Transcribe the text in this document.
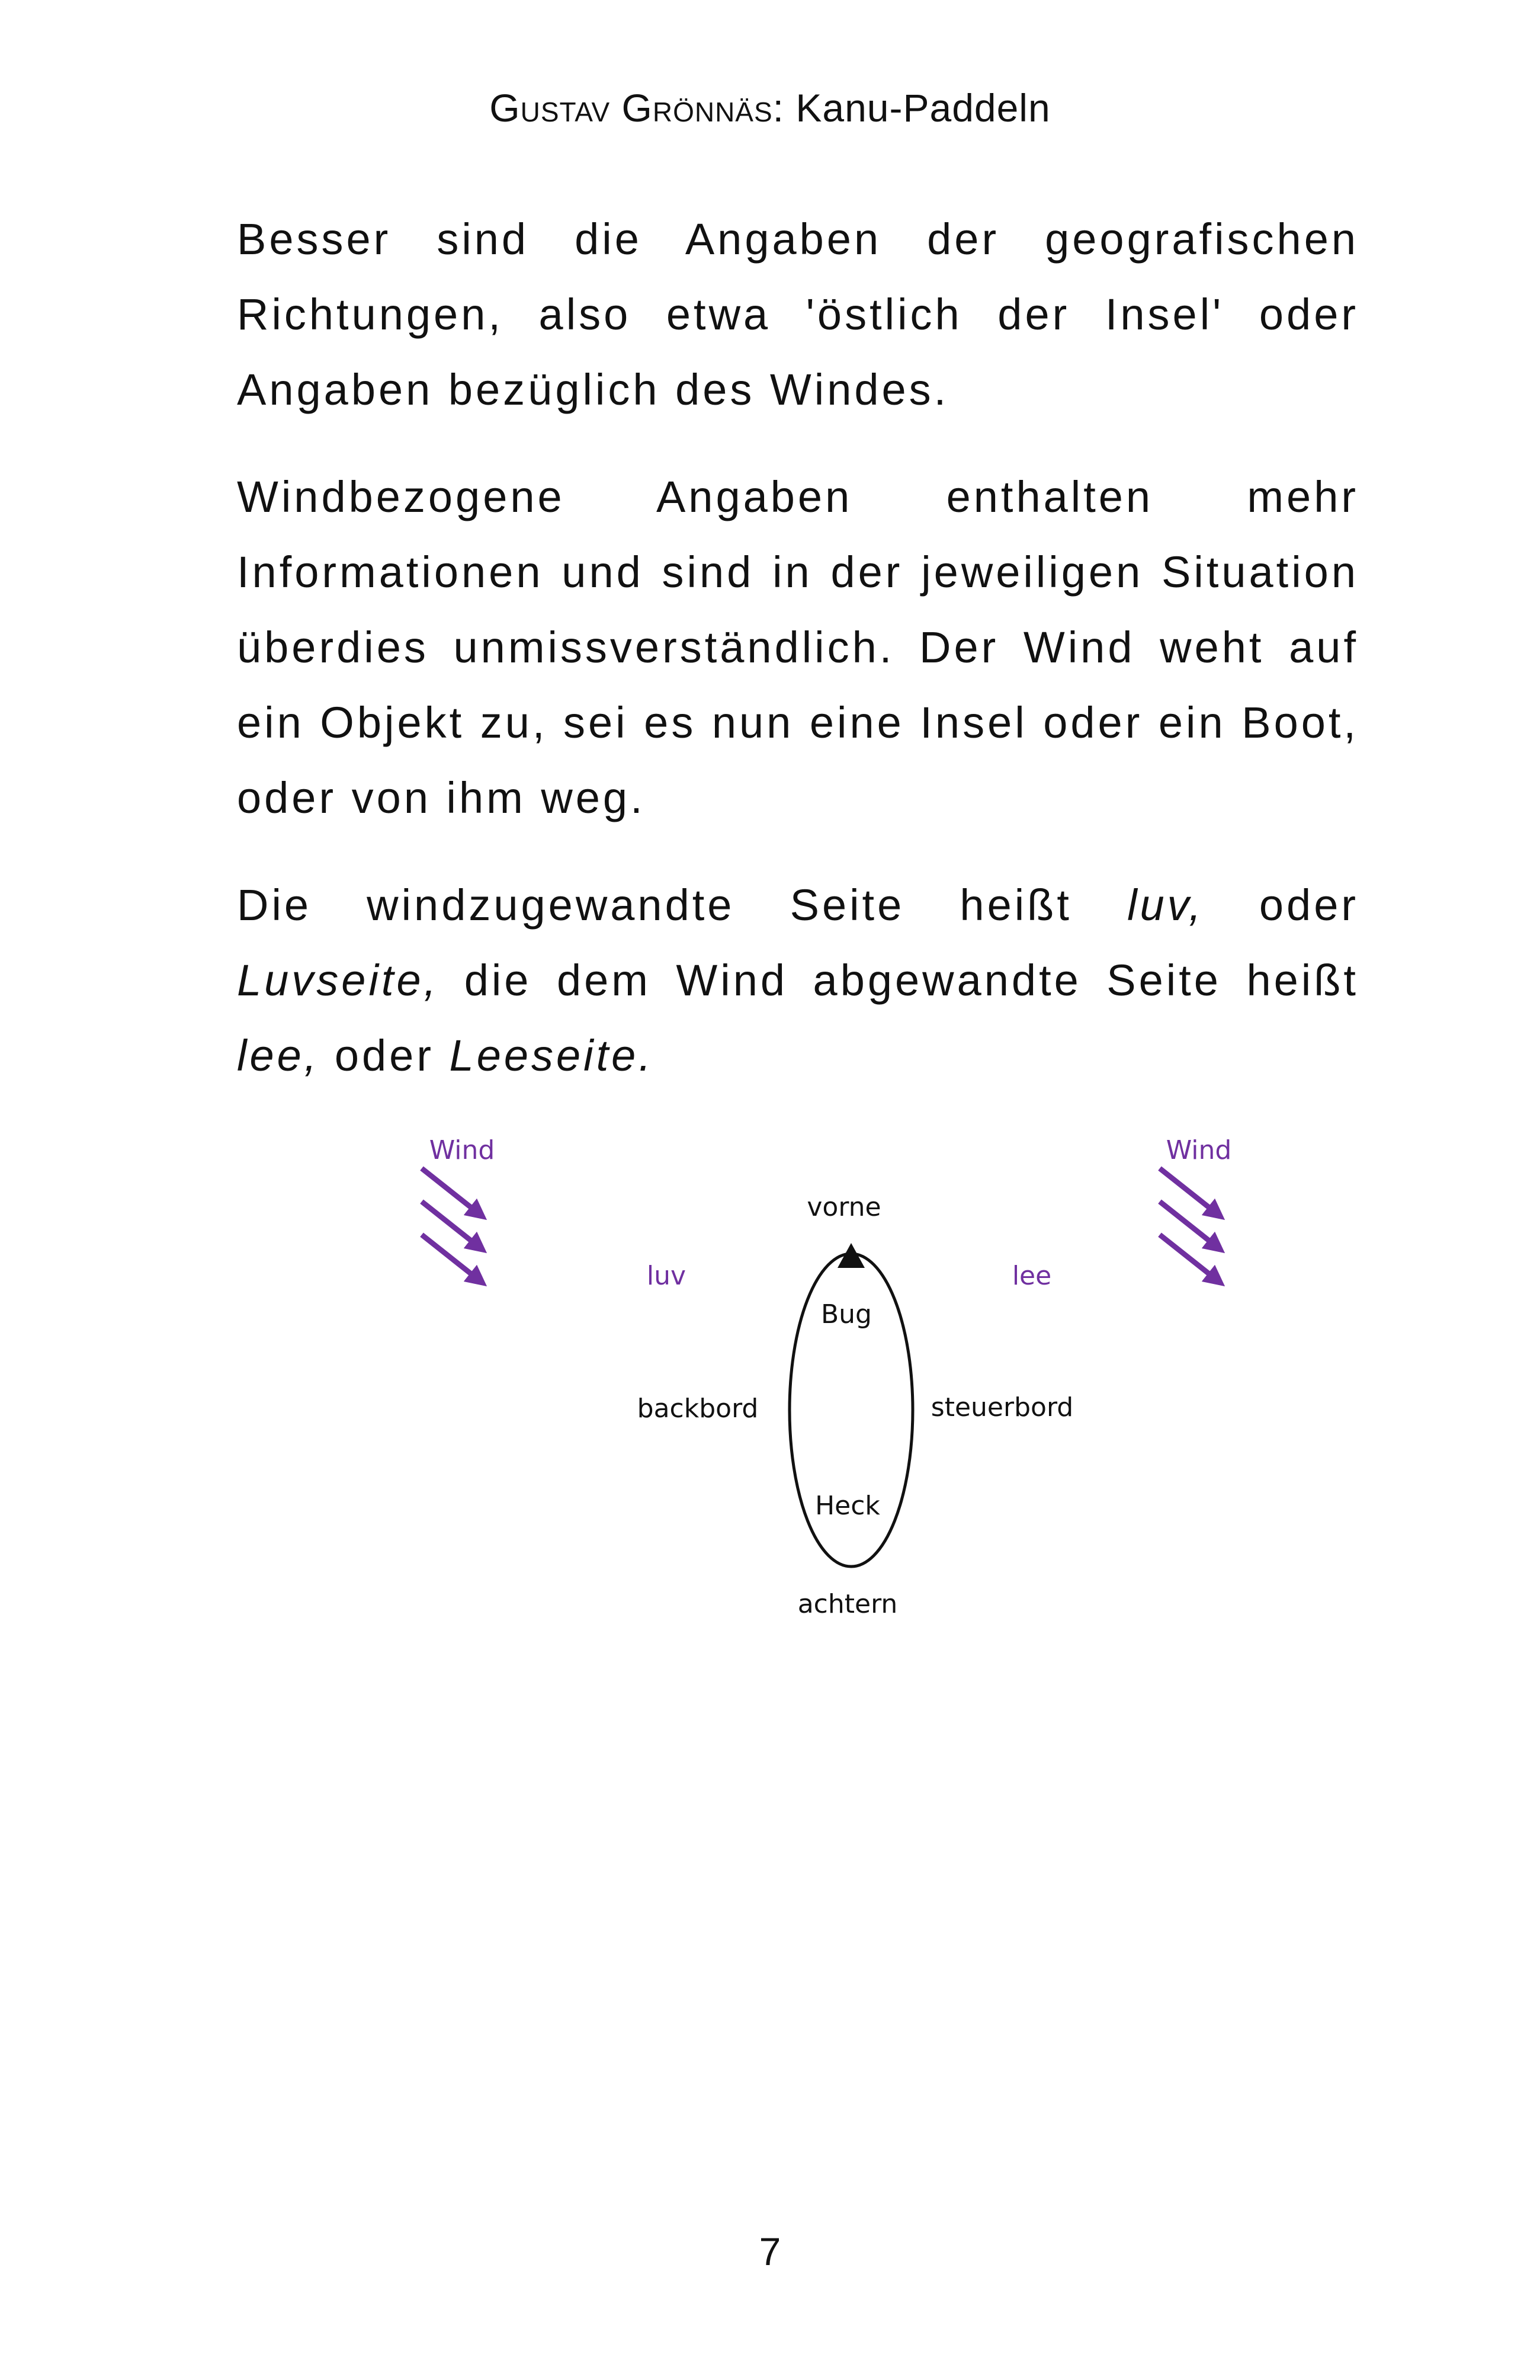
Gustav Grönnäs: Kanu-Paddeln

Besser sind die Angaben der geografischen Richtungen, also etwa 'östlich der Insel' oder Angaben bezüglich des Windes.

Windbezogene Angaben enthalten mehr Informationen und sind in der jeweiligen Situation überdies unmissverständlich. Der Wind weht auf ein Objekt zu, sei es nun eine Insel oder ein Boot, oder von ihm weg.

Die windzugewandte Seite heißt luv, oder Luvseite, die dem Wind abgewandte Seite heißt lee, oder Leeseite.

Wind	Wind
luv	lee
vorne
Bug
Heck
backbord	steuerbord
achtern
7
